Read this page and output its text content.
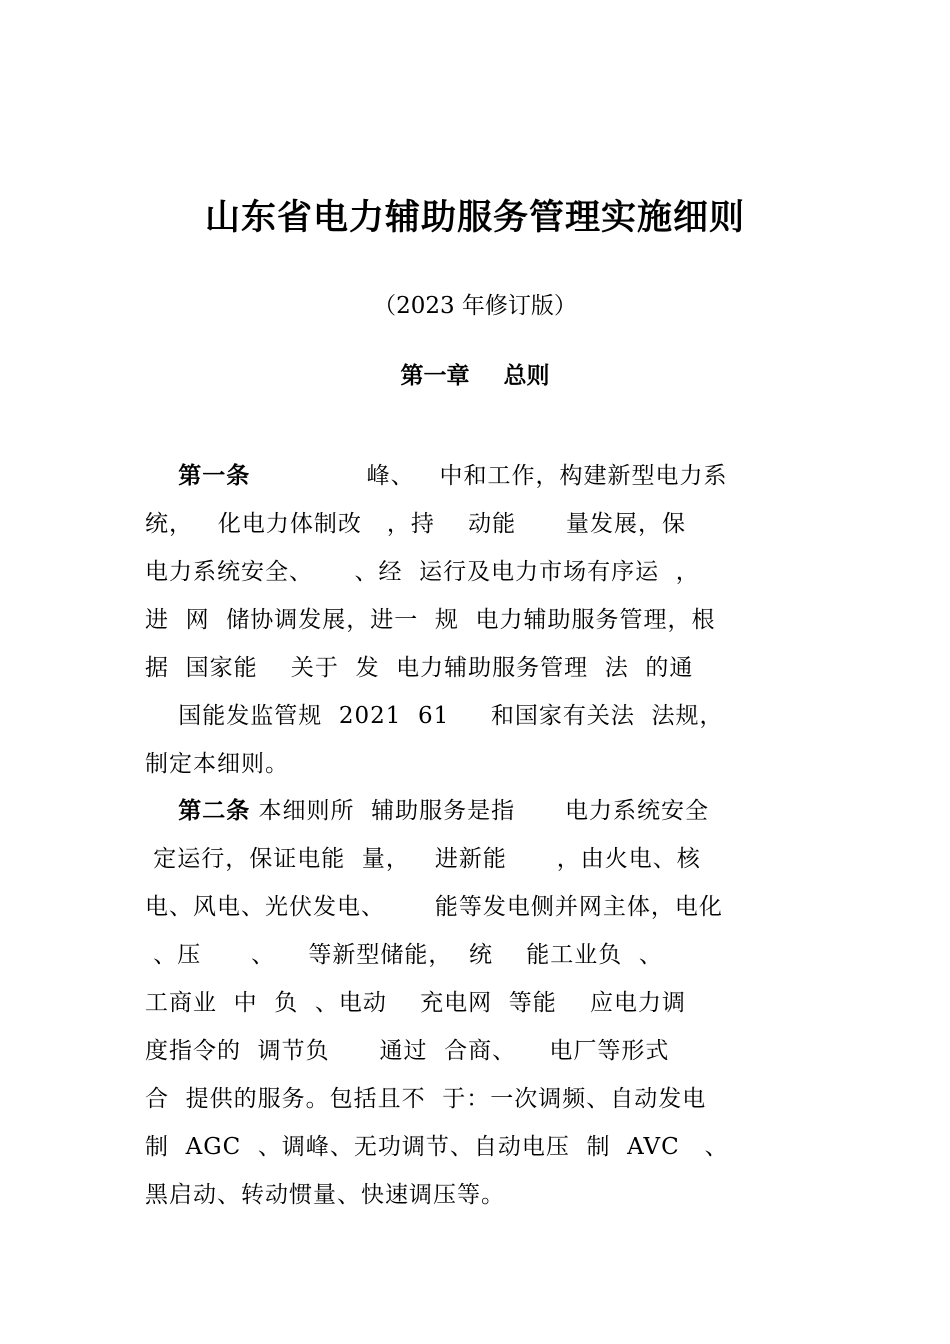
山东省电力辅助服务管理实施细则
（2023 年修订版）
第一章 总则
第一条              峰、   中和工作，构建新型电力系
统，   化电力体制改   ，持    动能      量发展，保
电力系统安全、     、经  运行及电力市场有序运  ，
进  网  储协调发展，进一  规  电力辅助服务管理，根
据  国家能    关于  发  电力辅助服务管理  法  的通
国能发监管规  2021  61     和国家有关法  法规，
制定本细则。
第二条 本细则所  辅助服务是指      电力系统安全
定运行，保证电能  量，   进新能      ，由火电、核
电、风电、光伏发电、      能等发电侧并网主体，电化
、压      、    等新型储能，  统    能工业负  、
工商业  中  负  、电动    充电网  等能    应电力调
度指令的  调节负      通过  合商、    电厂等形式
合  提供的服务。包括且不  于：一次调频、自动发电
制  AGC  、调峰、无功调节、自动电压  制  AVC   、
黑启动、转动惯量、快速调压等。
